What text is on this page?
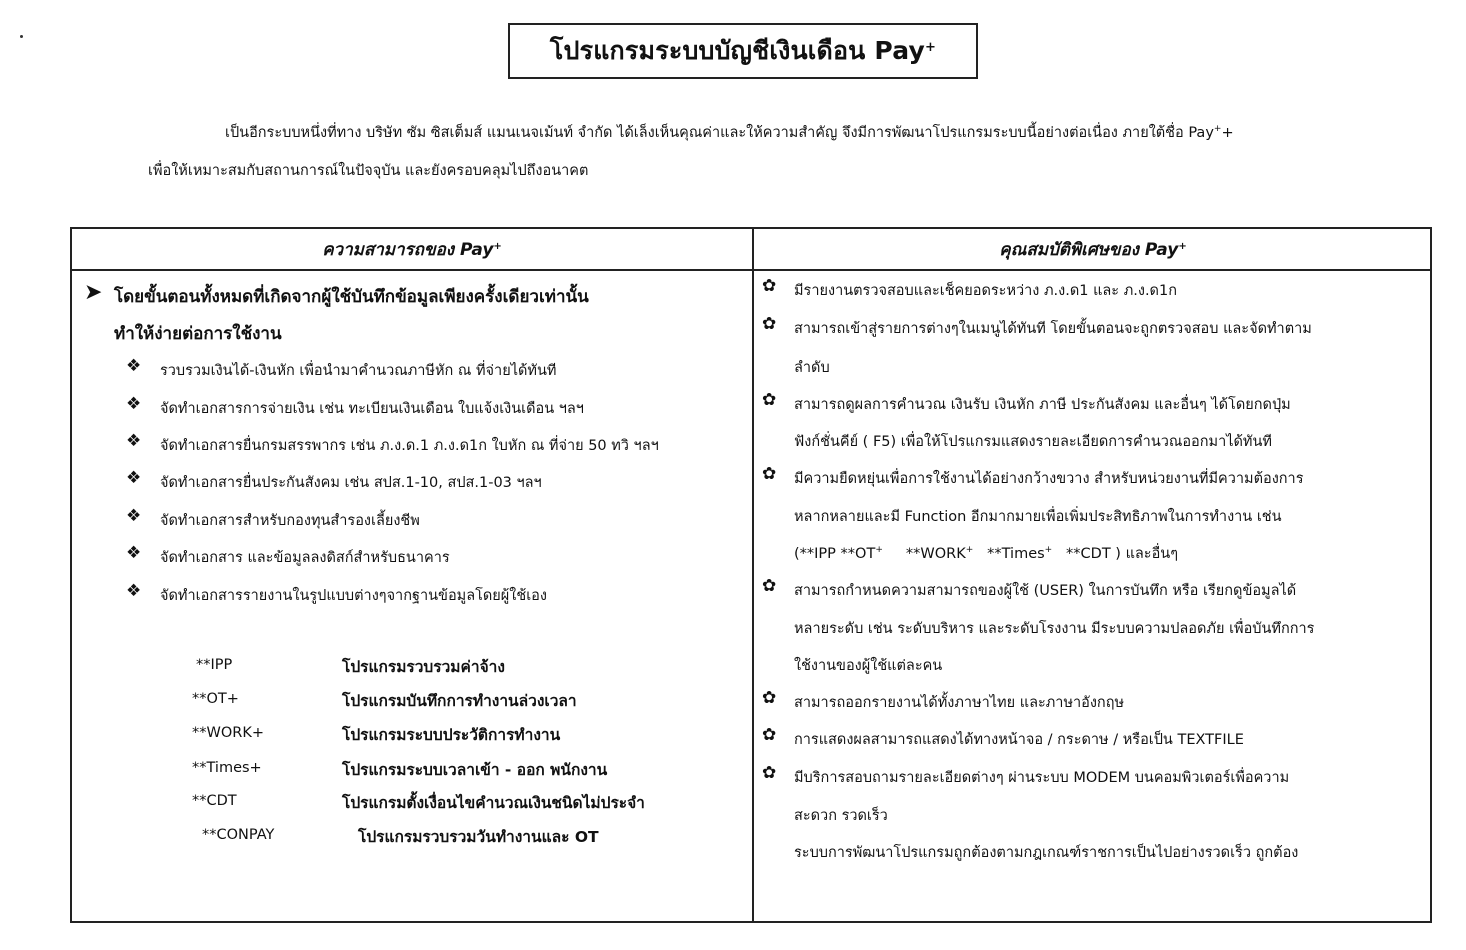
โปรแกรมระบบบัญชีเงินเดือน Pay+
เป็นอีกระบบหนึ่งที่ทาง บริษัท ซัม ซิสเต็มส์ แมนเนจเม้นท์ จำกัด ได้เล็งเห็นคุณค่าและให้ความสำคัญ จึงมีการพัฒนาโปรแกรมระบบนี้อย่างต่อเนื่อง ภายใต้ชื่อ Pay++
เพื่อให้เหมาะสมกับสถานการณ์ในปัจจุบัน และยังครอบคลุมไปถึงอนาคต
ความสามารถของ Pay+	คุณสมบัติพิเศษของ Pay+
➤ โดยขั้นตอนทั้งหมดที่เกิดจากผู้ใช้บันทึกข้อมูลเพียงครั้งเดียวเท่านั้น
ทำให้ง่ายต่อการใช้งาน
❖ รวบรวมเงินได้-เงินหัก เพื่อนำมาคำนวณภาษีหัก ณ ที่จ่ายได้ทันที
❖ จัดทำเอกสารการจ่ายเงิน เช่น ทะเบียนเงินเดือน ใบแจ้งเงินเดือน ฯลฯ
❖ จัดทำเอกสารยื่นกรมสรรพากร เช่น ภ.ง.ด.1 ภ.ง.ด1ก ใบหัก ณ ที่จ่าย 50 ทวิ ฯลฯ
❖ จัดทำเอกสารยื่นประกันสังคม เช่น สปส.1-10, สปส.1-03 ฯลฯ
❖ จัดทำเอกสารสำหรับกองทุนสำรองเลี้ยงชีพ
❖ จัดทำเอกสาร และข้อมูลลงดิสก์สำหรับธนาคาร
❖ จัดทำเอกสารรายงานในรูปแบบต่างๆจากฐานข้อมูลโดยผู้ใช้เอง
**IPP	โปรแกรมรวบรวมค่าจ้าง
**OT+	โปรแกรมบันทึกการทำงานล่วงเวลา
**WORK+	โปรแกรมระบบประวัติการทำงาน
**Times+	โปรแกรมระบบเวลาเข้า - ออก พนักงาน
**CDT	โปรแกรมตั้งเงื่อนไขคำนวณเงินชนิดไม่ประจำ
**CONPAY	โปรแกรมรวบรวมวันทำงานและ OT
✿ มีรายงานตรวจสอบและเช็คยอดระหว่าง ภ.ง.ด1 และ ภ.ง.ด1ก
✿ สามารถเข้าสู่รายการต่างๆในเมนูได้ทันที โดยขั้นตอนจะถูกตรวจสอบ และจัดทำตาม
ลำดับ
✿ สามารถดูผลการคำนวณ เงินรับ เงินหัก ภาษี ประกันสังคม และอื่นๆ ได้โดยกดปุ่ม
ฟังก์ชั่นคีย์ ( F5) เพื่อให้โปรแกรมแสดงรายละเอียดการคำนวณออกมาได้ทันที
✿ มีความยืดหยุ่นเพื่อการใช้งานได้อย่างกว้างขวาง สำหรับหน่วยงานที่มีความต้องการ
หลากหลายและมี Function อีกมากมายเพื่อเพิ่มประสิทธิภาพในการทำงาน เช่น
(**IPP **OT+ **WORK+ **Times+ **CDT ) และอื่นๆ
✿ สามารถกำหนดความสามารถของผู้ใช้ (USER) ในการบันทึก หรือ เรียกดูข้อมูลได้
หลายระดับ เช่น ระดับบริหาร และระดับโรงงาน มีระบบความปลอดภัย เพื่อบันทึกการ
ใช้งานของผู้ใช้แต่ละคน
✿ สามารถออกรายงานได้ทั้งภาษาไทย และภาษาอังกฤษ
✿ การแสดงผลสามารถแสดงได้ทางหน้าจอ / กระดาษ / หรือเป็น TEXTFILE
✿ มีบริการสอบถามรายละเอียดต่างๆ ผ่านระบบ MODEM บนคอมพิวเตอร์เพื่อความ
สะดวก รวดเร็ว
ระบบการพัฒนาโปรแกรมถูกต้องตามกฎเกณฑ์ราชการเป็นไปอย่างรวดเร็ว ถูกต้อง
